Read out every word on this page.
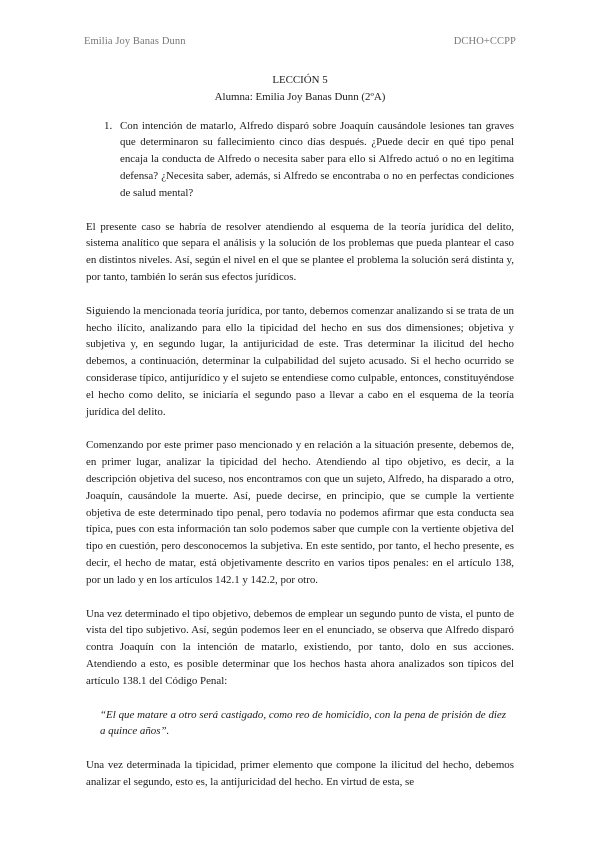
Emilia Joy Banas Dunn	DCHO+CCPP

LECCIÓN 5

Alumna: Emilia Joy Banas Dunn (2ºA)

1. Con intención de matarlo, Alfredo disparó sobre Joaquín causándole lesiones tan graves que determinaron su fallecimiento cinco días después. ¿Puede decir en qué tipo penal encaja la conducta de Alfredo o necesita saber para ello si Alfredo actuó o no en legítima defensa? ¿Necesita saber, además, si Alfredo se encontraba o no en perfectas condiciones de salud mental?

El presente caso se habría de resolver atendiendo al esquema de la teoría jurídica del delito, sistema analítico que separa el análisis y la solución de los problemas que pueda plantear el caso en distintos niveles. Así, según el nivel en el que se plantee el problema la solución será distinta y, por tanto, también lo serán sus efectos jurídicos.

Siguiendo la mencionada teoría jurídica, por tanto, debemos comenzar analizando si se trata de un hecho ilícito, analizando para ello la tipicidad del hecho en sus dos dimensiones; objetiva y subjetiva y, en segundo lugar, la antijuricidad de este. Tras determinar la ilicitud del hecho debemos, a continuación, determinar la culpabilidad del sujeto acusado. Si el hecho ocurrido se considerase típico, antijurídico y el sujeto se entendiese como culpable, entonces, constituyéndose el hecho como delito, se iniciaría el segundo paso a llevar a cabo en el esquema de la teoría jurídica del delito.

Comenzando por este primer paso mencionado y en relación a la situación presente, debemos de, en primer lugar, analizar la tipicidad del hecho. Atendiendo al tipo objetivo, es decir, a la descripción objetiva del suceso, nos encontramos con que un sujeto, Alfredo, ha disparado a otro, Joaquín, causándole la muerte. Así, puede decirse, en principio, que se cumple la vertiente objetiva de este determinado tipo penal, pero todavía no podemos afirmar que esta conducta sea típica, pues con esta información tan solo podemos saber que cumple con la vertiente objetiva del tipo en cuestión, pero desconocemos la subjetiva. En este sentido, por tanto, el hecho presente, es decir, el hecho de matar, está objetivamente descrito en varios tipos penales: en el artículo 138, por un lado y en los artículos 142.1 y 142.2, por otro.

Una vez determinado el tipo objetivo, debemos de emplear un segundo punto de vista, el punto de vista del tipo subjetivo. Así, según podemos leer en el enunciado, se observa que Alfredo disparó contra Joaquín con la intención de matarlo, existiendo, por tanto, dolo en sus acciones. Atendiendo a esto, es posible determinar que los hechos hasta ahora analizados son típicos del artículo 138.1 del Código Penal:

“El que matare a otro será castigado, como reo de homicidio, con la pena de prisión de diez a quince años”.

Una vez determinada la tipicidad, primer elemento que compone la ilicitud del hecho, debemos analizar el segundo, esto es, la antijuricidad del hecho. En virtud de esta, se
